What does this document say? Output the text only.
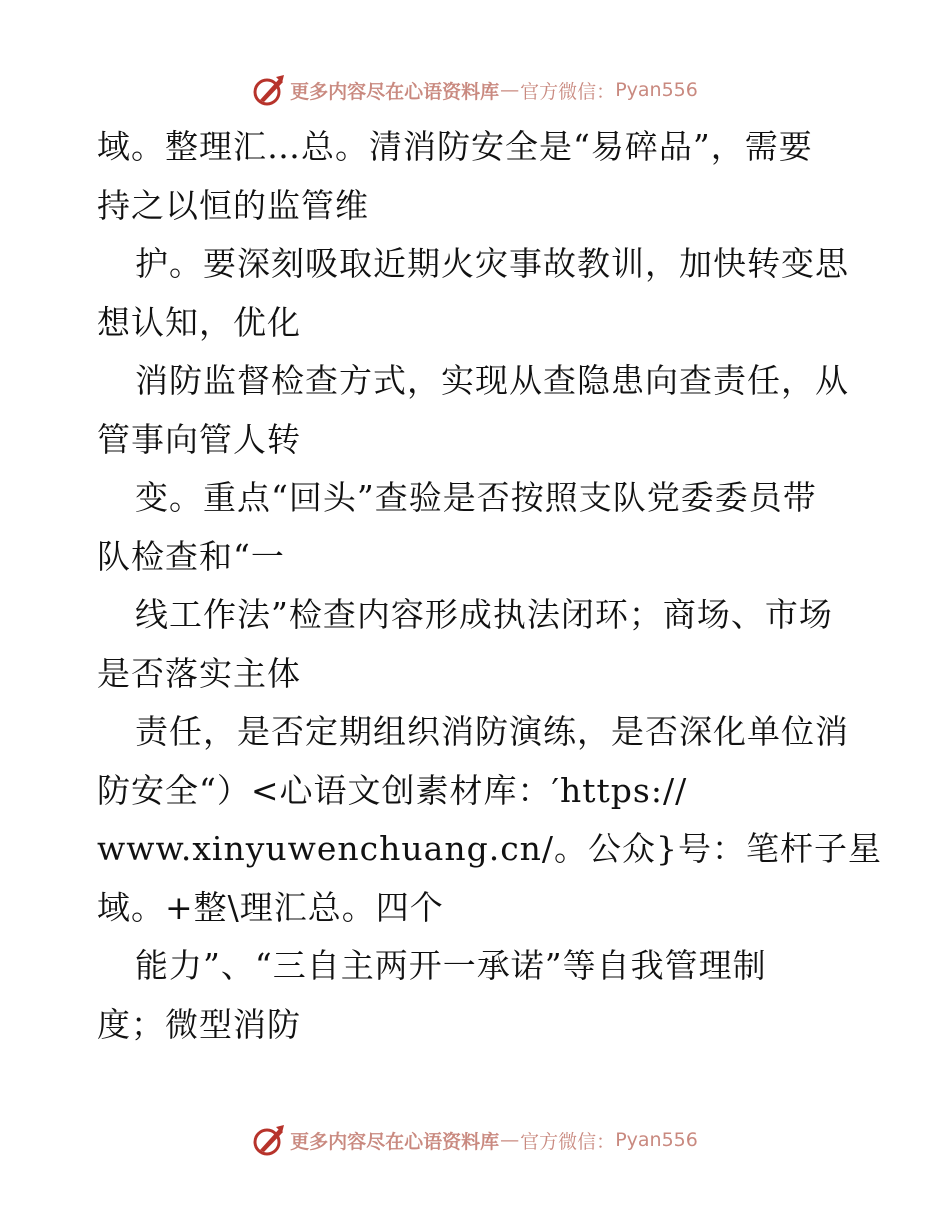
更多内容尽在心语资料库 — 官方微信： Pyan556
域。整理汇…总。清消防安全是“易碎品”，需要
持之以恒的监管维
护。要深刻吸取近期火灾事故教训，加快转变思
想认知，优化
消防监督检查方式，实现从查隐患向查责任，从
管事向管人转
变。重点“回头”查验是否按照支队党委委员带
队检查和“一
线工作法”检查内容形成执法闭环；商场、市场
是否落实主体
责任，是否定期组织消防演练，是否深化单位消
防安全“）<心语文创素材库：′https://
www.xinyuwenchuang.cn/。公众}号：笔杆子星
域。+整\理汇总。四个
能力”、“三自主两开一承诺”等自我管理制
度；微型消防
更多内容尽在心语资料库 — 官方微信： Pyan556
